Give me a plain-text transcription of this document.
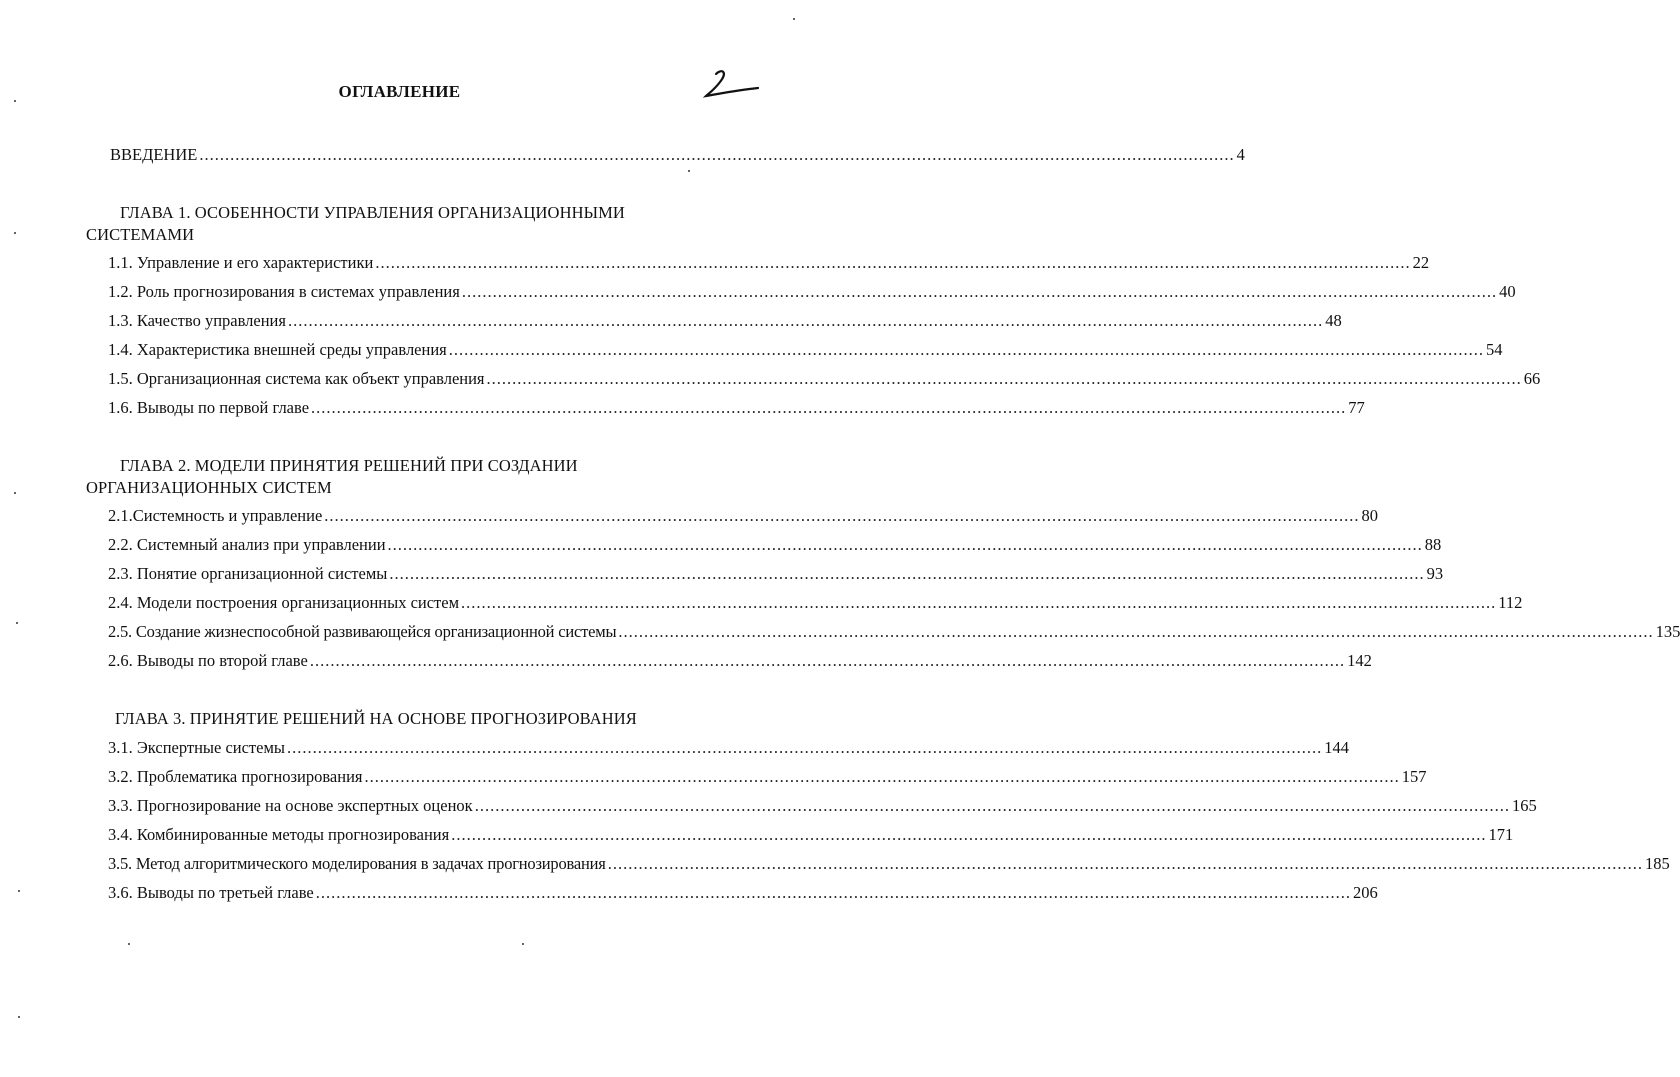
ОГЛАВЛЕНИЕ
ВВЕДЕНИЕ .......................................................................................................................................................................................................... 4
ГЛАВА 1. ОСОБЕННОСТИ УПРАВЛЕНИЯ ОРГАНИЗАЦИОННЫМИ
СИСТЕМАМИ
1.1. Управление и его характеристики .......................................................................................................................................................................................................... 22
1.2. Роль прогнозирования в системах управления .......................................................................................................................................................................................................... 40
1.3. Качество управления .......................................................................................................................................................................................................... 48
1.4. Характеристика внешней среды управления .......................................................................................................................................................................................................... 54
1.5. Организационная система как объект управления .......................................................................................................................................................................................................... 66
1.6. Выводы по первой главе .......................................................................................................................................................................................................... 77
ГЛАВА 2. МОДЕЛИ ПРИНЯТИЯ РЕШЕНИЙ ПРИ СОЗДАНИИ
ОРГАНИЗАЦИОННЫХ СИСТЕМ
2.1.Системность и управление .......................................................................................................................................................................................................... 80
2.2. Системный анализ при управлении .......................................................................................................................................................................................................... 88
2.3. Понятие организационной системы .......................................................................................................................................................................................................... 93
2.4. Модели построения организационных систем .......................................................................................................................................................................................................... 112
2.5. Создание жизнеспособной развивающейся организационной системы .......................................................................................................................................................................................................... 135
2.6. Выводы по второй главе .......................................................................................................................................................................................................... 142
ГЛАВА 3. ПРИНЯТИЕ РЕШЕНИЙ НА ОСНОВЕ ПРОГНОЗИРОВАНИЯ
3.1. Экспертные системы .......................................................................................................................................................................................................... 144
3.2. Проблематика прогнозирования .......................................................................................................................................................................................................... 157
3.3. Прогнозирование на основе экспертных оценок .......................................................................................................................................................................................................... 165
3.4. Комбинированные методы прогнозирования .......................................................................................................................................................................................................... 171
3.5. Метод алгоритмического моделирования в задачах прогнозирования .......................................................................................................................................................................................................... 185
3.6. Выводы по третьей главе .......................................................................................................................................................................................................... 206
